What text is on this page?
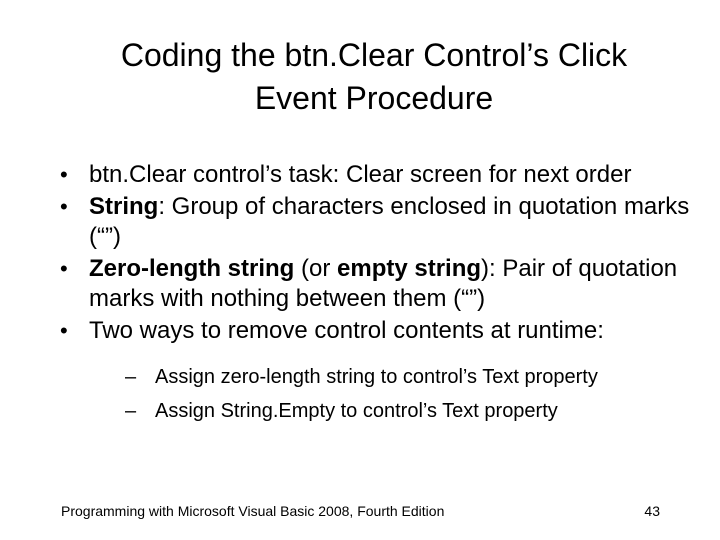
Coding the btn.Clear Control’s Click
Event Procedure
• btn.Clear control’s task: Clear screen for next order
• String: Group of characters enclosed in quotation marks (“”)
• Zero-length string (or empty string): Pair of quotation marks with nothing between them (“”)
• Two ways to remove control contents at runtime:
– Assign zero-length string to control’s Text property
– Assign String.Empty to control’s Text property
Programming with Microsoft Visual Basic 2008, Fourth Edition	43
